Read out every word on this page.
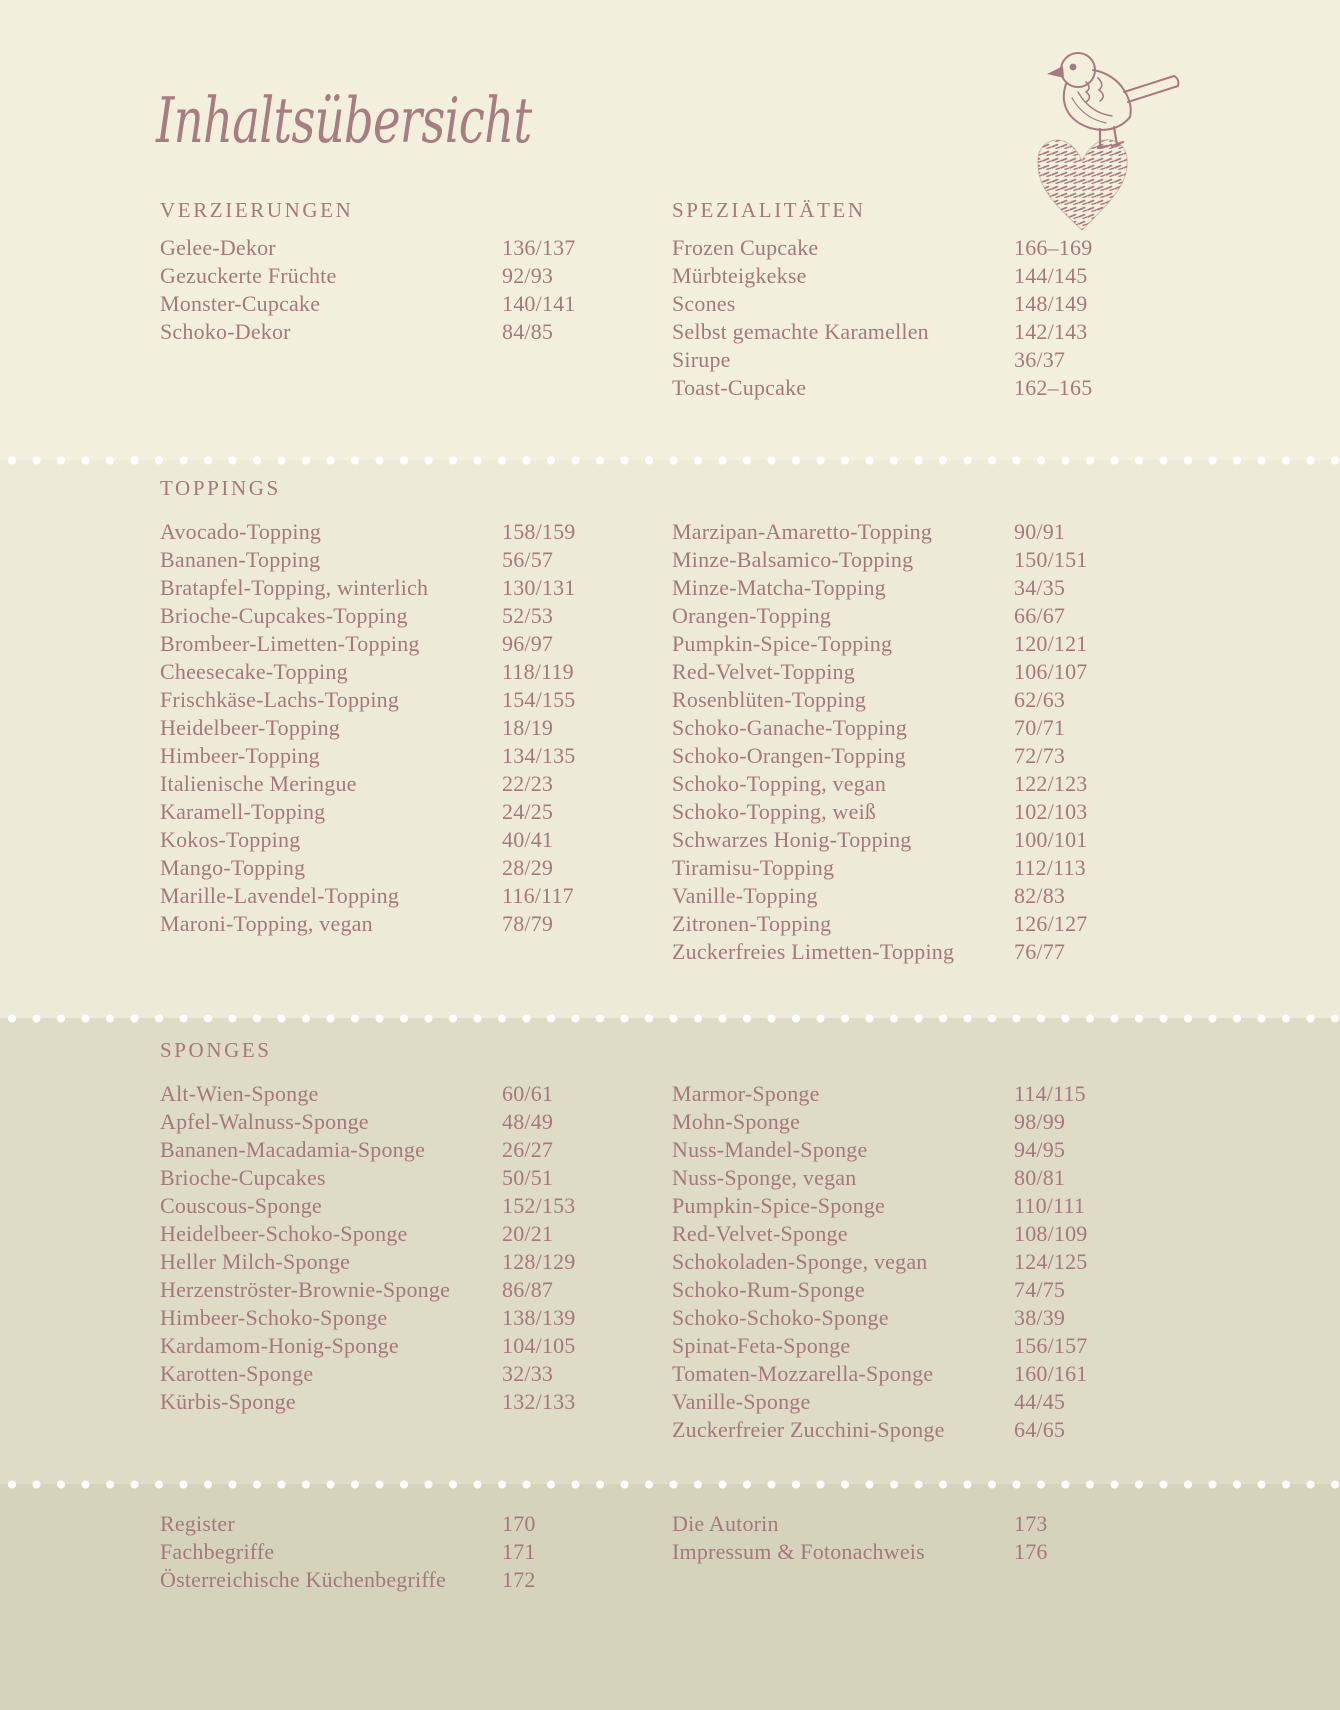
Inhaltsübersicht
VERZIERUNGEN
Gelee-Dekor	136/137
Gezuckerte Früchte	92/93
Monster-Cupcake	140/141
Schoko-Dekor	84/85
SPEZIALITÄTEN
Frozen Cupcake	166–169
Mürbteigkekse	144/145
Scones	148/149
Selbst gemachte Karamellen	142/143
Sirupe	36/37
Toast-Cupcake	162–165
TOPPINGS
Avocado-Topping	158/159
Bananen-Topping	56/57
Bratapfel-Topping, winterlich	130/131
Brioche-Cupcakes-Topping	52/53
Brombeer-Limetten-Topping	96/97
Cheesecake-Topping	118/119
Frischkäse-Lachs-Topping	154/155
Heidelbeer-Topping	18/19
Himbeer-Topping	134/135
Italienische Meringue	22/23
Karamell-Topping	24/25
Kokos-Topping	40/41
Mango-Topping	28/29
Marille-Lavendel-Topping	116/117
Maroni-Topping, vegan	78/79
Marzipan-Amaretto-Topping	90/91
Minze-Balsamico-Topping	150/151
Minze-Matcha-Topping	34/35
Orangen-Topping	66/67
Pumpkin-Spice-Topping	120/121
Red-Velvet-Topping	106/107
Rosenblüten-Topping	62/63
Schoko-Ganache-Topping	70/71
Schoko-Orangen-Topping	72/73
Schoko-Topping, vegan	122/123
Schoko-Topping, weiß	102/103
Schwarzes Honig-Topping	100/101
Tiramisu-Topping	112/113
Vanille-Topping	82/83
Zitronen-Topping	126/127
Zuckerfreies Limetten-Topping	76/77
SPONGES
Alt-Wien-Sponge	60/61
Apfel-Walnuss-Sponge	48/49
Bananen-Macadamia-Sponge	26/27
Brioche-Cupcakes	50/51
Couscous-Sponge	152/153
Heidelbeer-Schoko-Sponge	20/21
Heller Milch-Sponge	128/129
Herzenströster-Brownie-Sponge	86/87
Himbeer-Schoko-Sponge	138/139
Kardamom-Honig-Sponge	104/105
Karotten-Sponge	32/33
Kürbis-Sponge	132/133
Marmor-Sponge	114/115
Mohn-Sponge	98/99
Nuss-Mandel-Sponge	94/95
Nuss-Sponge, vegan	80/81
Pumpkin-Spice-Sponge	110/111
Red-Velvet-Sponge	108/109
Schokoladen-Sponge, vegan	124/125
Schoko-Rum-Sponge	74/75
Schoko-Schoko-Sponge	38/39
Spinat-Feta-Sponge	156/157
Tomaten-Mozzarella-Sponge	160/161
Vanille-Sponge	44/45
Zuckerfreier Zucchini-Sponge	64/65
Register	170
Fachbegriffe	171
Österreichische Küchenbegriffe	172
Die Autorin	173
Impressum & Fotonachweis	176
